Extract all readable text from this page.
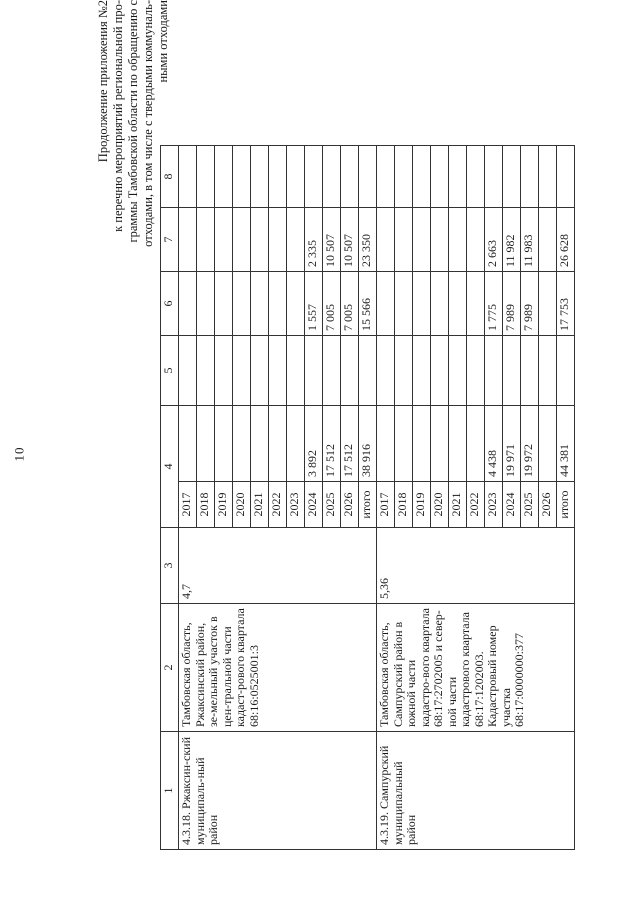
10
Продолжение приложения №2 к перечню мероприятий региональной про- граммы Тамбовской области по обращению с отходами, в том числе с твердыми коммуналь- ными отходами
1	2	3	4		5	6	7	8
4.3.18. Ржаксин-ский муниципаль-ный район	Тамбовская область, Ржаксинский район, зе-мельный участок в цен-тральной части кадаст-рового квартала 68:16:0525001:3	4,7	2017					
			2018					
			2019					
			2020					
			2021					
			2022					
			2023					
			2024	3 892		1 557	2 335	
			2025	17 512		7 005	10 507	
			2026	17 512		7 005	10 507	
			итого	38 916		15 566	23 350	
4.3.19. Сампурский муниципальный район	Тамбовская область, Сампурский район в южной части кадастро-вого квартала 68:17:2702005 и север-ной части кадастрового квартала 68:17:1202003. Кадастровый номер участка 68:17:0000000:377	5,36	2017					
			2018					
			2019					
			2020					
			2021					
			2022					
			2023	4 438		1 775	2 663	
			2024	19 971		7 989	11 982	
			2025	19 972		7 989	11 983	
			2026					
			итого	44 381		17 753	26 628	
